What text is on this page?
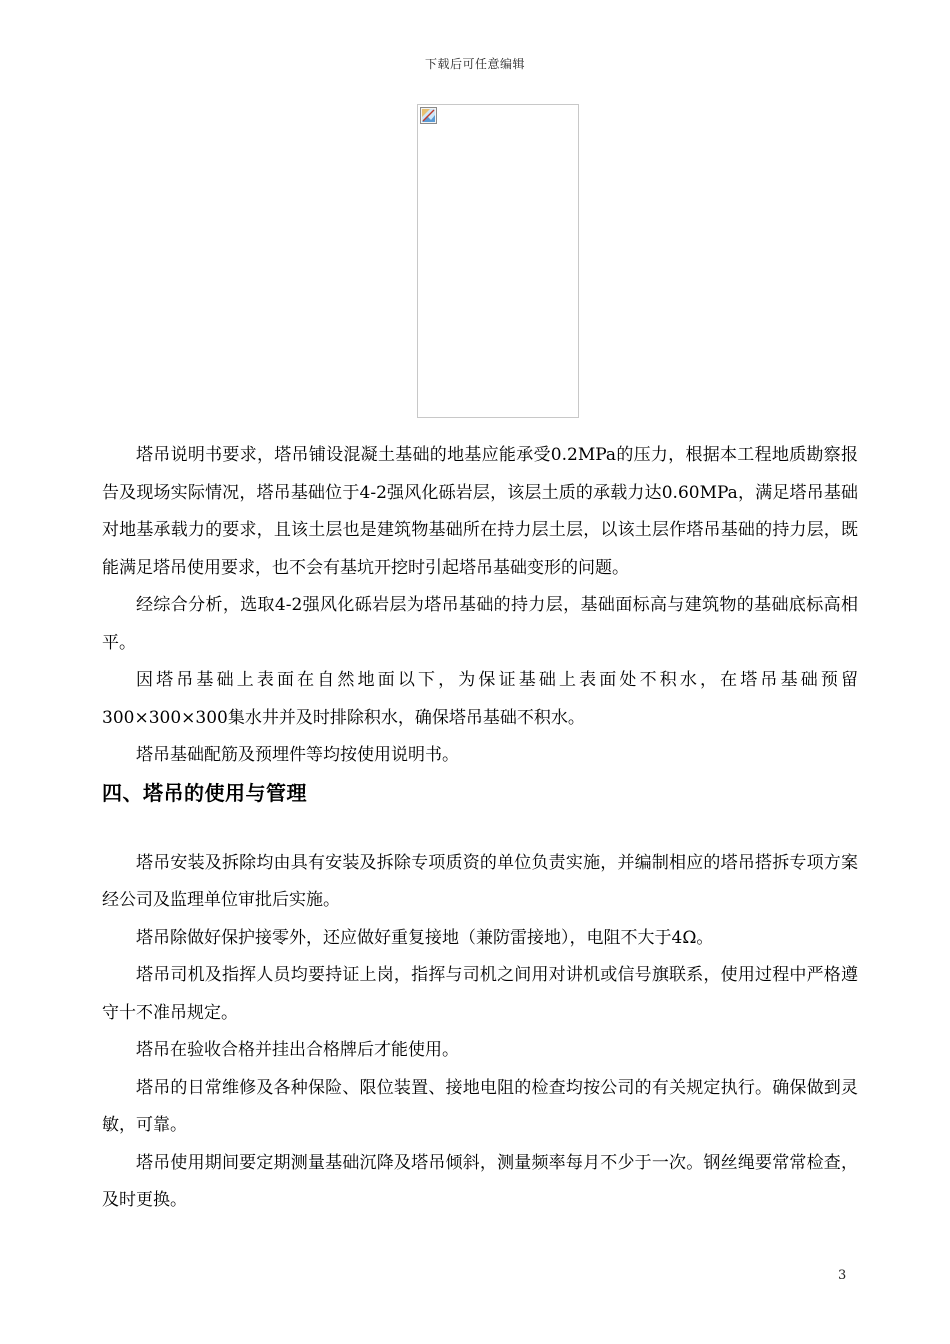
下载后可任意编辑

塔吊说明书要求，塔吊铺设混凝土基础的地基应能承受0.2MPa的压力，根据本工程地质勘察报告及现场实际情况，塔吊基础位于4-2强风化砾岩层，该层土质的承载力达0.60MPa，满足塔吊基础对地基承载力的要求，且该土层也是建筑物基础所在持力层土层，以该土层作塔吊基础的持力层，既能满足塔吊使用要求，也不会有基坑开挖时引起塔吊基础变形的问题。

经综合分析，选取4-2强风化砾岩层为塔吊基础的持力层，基础面标高与建筑物的基础底标高相平。

因塔吊基础上表面在自然地面以下，为保证基础上表面处不积水，在塔吊基础预留300×300×300集水井并及时排除积水，确保塔吊基础不积水。

塔吊基础配筋及预埋件等均按使用说明书。

四、塔吊的使用与管理

塔吊安装及拆除均由具有安装及拆除专项质资的单位负责实施，并编制相应的塔吊搭拆专项方案经公司及监理单位审批后实施。

塔吊除做好保护接零外，还应做好重复接地（兼防雷接地），电阻不大于4Ω。

塔吊司机及指挥人员均要持证上岗，指挥与司机之间用对讲机或信号旗联系，使用过程中严格遵守十不准吊规定。

塔吊在验收合格并挂出合格牌后才能使用。

塔吊的日常维修及各种保险、限位装置、接地电阻的检查均按公司的有关规定执行。确保做到灵敏，可靠。

塔吊使用期间要定期测量基础沉降及塔吊倾斜，测量频率每月不少于一次。钢丝绳要常常检查，及时更换。

3
